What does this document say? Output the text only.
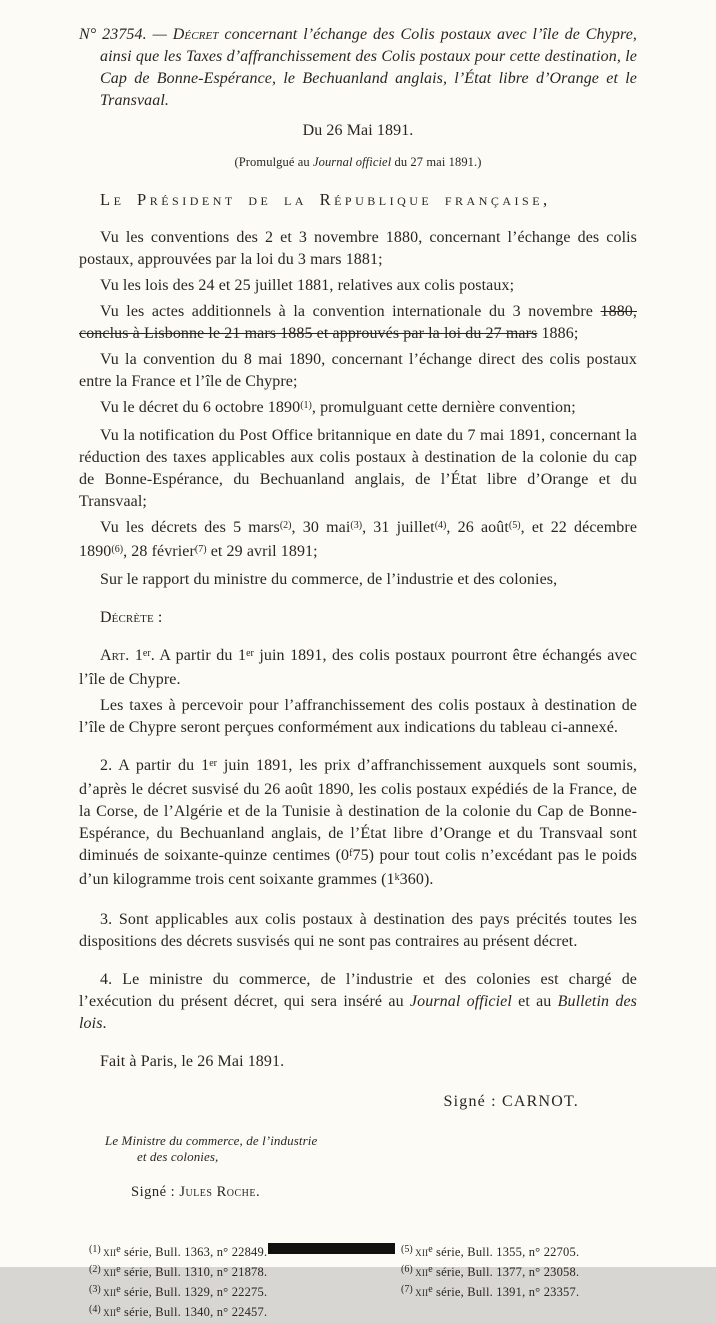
N° 23754. — Décret concernant l’échange des Colis postaux avec l’île de Chypre, ainsi que les Taxes d’affranchissement des Colis postaux pour cette destination, le Cap de Bonne-Espérance, le Bechuanland anglais, l’État libre d’Orange et le Transvaal.

Du 26 Mai 1891.

(Promulgué au Journal officiel du 27 mai 1891.)

Le Président de la République française,

Vu les conventions des 2 et 3 novembre 1880, concernant l’échange des colis postaux, approuvées par la loi du 3 mars 1881;

Vu les lois des 24 et 25 juillet 1881, relatives aux colis postaux;

Vu les actes additionnels à la convention internationale du 3 novembre 1880, conclus à Lisbonne le 21 mars 1885 et approuvés par la loi du 27 mars 1886;

Vu la convention du 8 mai 1890, concernant l’échange direct des colis postaux entre la France et l’île de Chypre;

Vu le décret du 6 octobre 1890$^{(1)}$, promulguant cette dernière convention;

Vu la notification du Post Office britannique en date du 7 mai 1891, concernant la réduction des taxes applicables aux colis postaux à destination de la colonie du cap de Bonne-Espérance, du Bechuanland anglais, de l’État libre d’Orange et du Transvaal;

Vu les décrets des 5 mars$^{(2)}$, 30 mai$^{(3)}$, 31 juillet$^{(4)}$, 26 août$^{(5)}$, et 22 décembre 1890$^{(6)}$, 28 février$^{(7)}$ et 29 avril 1891;

Sur le rapport du ministre du commerce, de l’industrie et des colonies,

Décrète :

Art. 1er. A partir du 1er juin 1891, des colis postaux pourront être échangés avec l’île de Chypre.

Les taxes à percevoir pour l’affranchissement des colis postaux à destination de l’île de Chypre seront perçues conformément aux indications du tableau ci-annexé.

2. A partir du 1er juin 1891, les prix d’affranchissement auxquels sont soumis, d’après le décret susvisé du 26 août 1890, les colis postaux expédiés de la France, de la Corse, de l’Algérie et de la Tunisie à destination de la colonie du Cap de Bonne-Espérance, du Bechuanland anglais, de l’État libre d’Orange et du Transvaal sont diminués de soixante-quinze centimes (0$^f$75) pour tout colis n’excédant pas le poids d’un kilogramme trois cent soixante grammes (1$^k$360).

3. Sont applicables aux colis postaux à destination des pays précités toutes les dispositions des décrets susvisés qui ne sont pas contraires au présent décret.

4. Le ministre du commerce, de l’industrie et des colonies est chargé de l’exécution du présent décret, qui sera inséré au Journal officiel et au Bulletin des lois.

Fait à Paris, le 26 Mai 1891.

Signé : CARNOT.

Le Ministre du commerce, de l’industrie

et des colonies,

Signé : Jules Roche.

$^{(1)}$ xii$^e$ série, Bull. 1363, n° 22849.

$^{(2)}$ xii$^e$ série, Bull. 1310, n° 21878.

$^{(3)}$ xii$^e$ série, Bull. 1329, n° 22275.

$^{(4)}$ xii$^e$ série, Bull. 1340, n° 22457.

$^{(5)}$ xii$^e$ série, Bull. 1355, n° 22705.

$^{(6)}$ xii$^e$ série, Bull. 1377, n° 23058.

$^{(7)}$ xii$^e$ série, Bull. 1391, n° 23357.
